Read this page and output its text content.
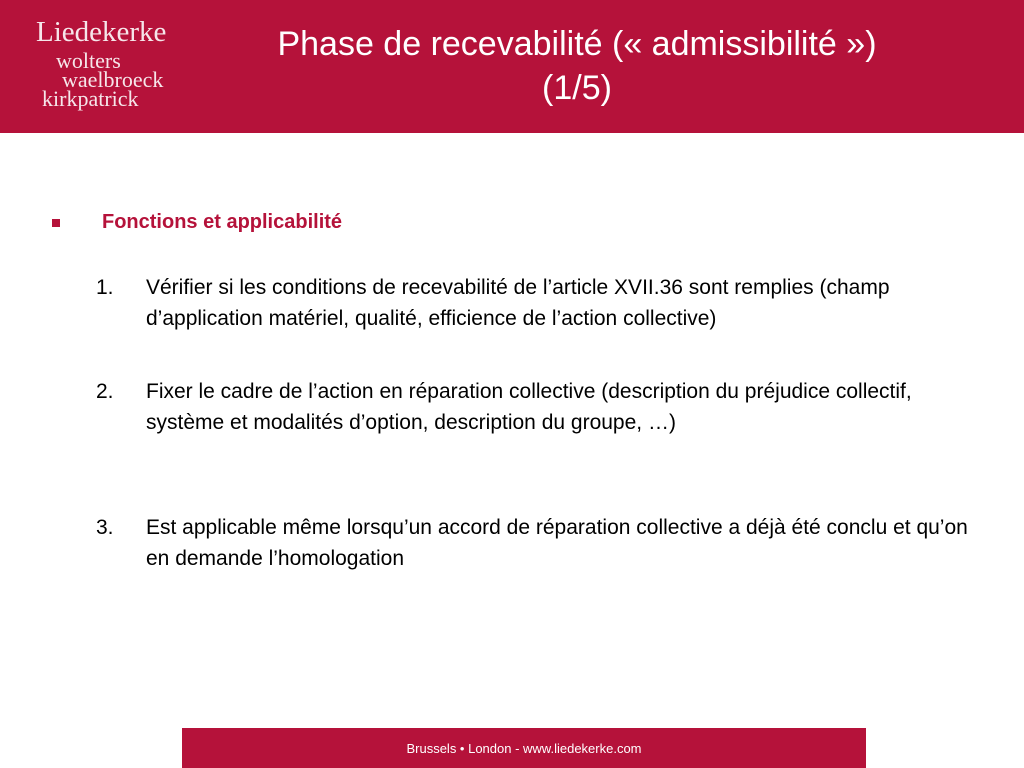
Liedekerke
wolters
waelbroeck
kirkpatrick
Phase de recevabilité (« admissibilité »)
(1/5)
Fonctions et applicabilité
1. Vérifier si les conditions de recevabilité de l’article XVII.36 sont remplies (champ d’application matériel, qualité, efficience de l’action collective)
2. Fixer le cadre de l’action en réparation collective (description du préjudice collectif, système et modalités d’option, description du groupe, …)
3. Est applicable même lorsqu’un accord de réparation collective a déjà été conclu et qu’on en demande l’homologation
Brussels • London - www.liedekerke.com
